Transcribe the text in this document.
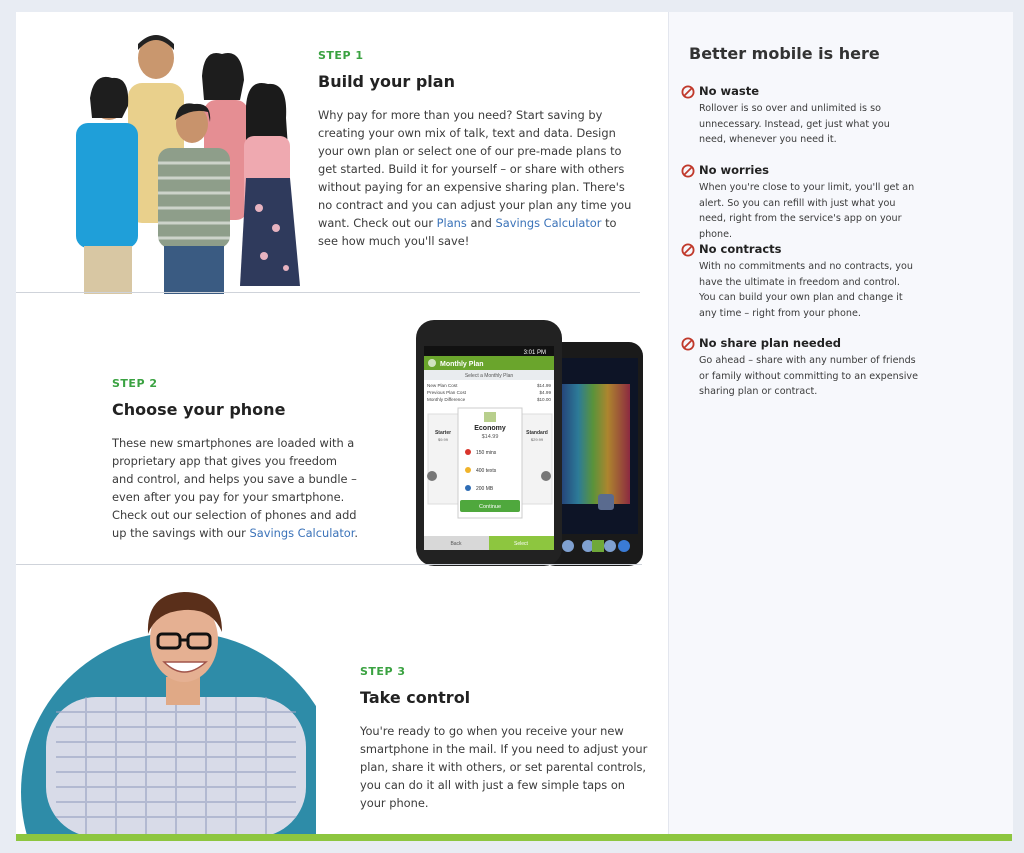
STEP 1
Build your plan

Why pay for more than you need? Start saving by creating your own mix of talk, text and data. Design your own plan or select one of our pre-made plans to get started. Build it for yourself – or share with others without paying for an expensive sharing plan. There's no contract and you can adjust your plan any time you want. Check out our Plans and Savings Calculator to see how much you'll save!

STEP 2
Choose your phone

These new smartphones are loaded with a proprietary app that gives you freedom and control, and helps you save a bundle – even after you pay for your smartphone. Check out our selection of phones and add up the savings with our Savings Calculator.

3:01 PM
Monthly Plan
Select a Monthly Plan
New Plan Cost	$14.99
Previous Plan Cost	$4.99
Monthly Difference	$10.00
Starter
$9.99
Economy
$14.99
Standard
$29.99
150 mins
400 texts
200 MB
Continue
Back	Select
STEP 3
Take control

You're ready to go when you receive your new smartphone in the mail. If you need to adjust your plan, share it with others, or set parental controls, you can do it all with just a few simple taps on your phone.

Better mobile is here
No waste

Rollover is so over and unlimited is so unnecessary. Instead, get just what you need, whenever you need it.

No worries

When you're close to your limit, you'll get an alert. So you can refill with just what you need, right from the service's app on your phone.

No contracts

With no commitments and no contracts, you have the ultimate in freedom and control. You can build your own plan and change it any time – right from your phone.

No share plan needed

Go ahead – share with any number of friends or family without committing to an expensive sharing plan or contract.
